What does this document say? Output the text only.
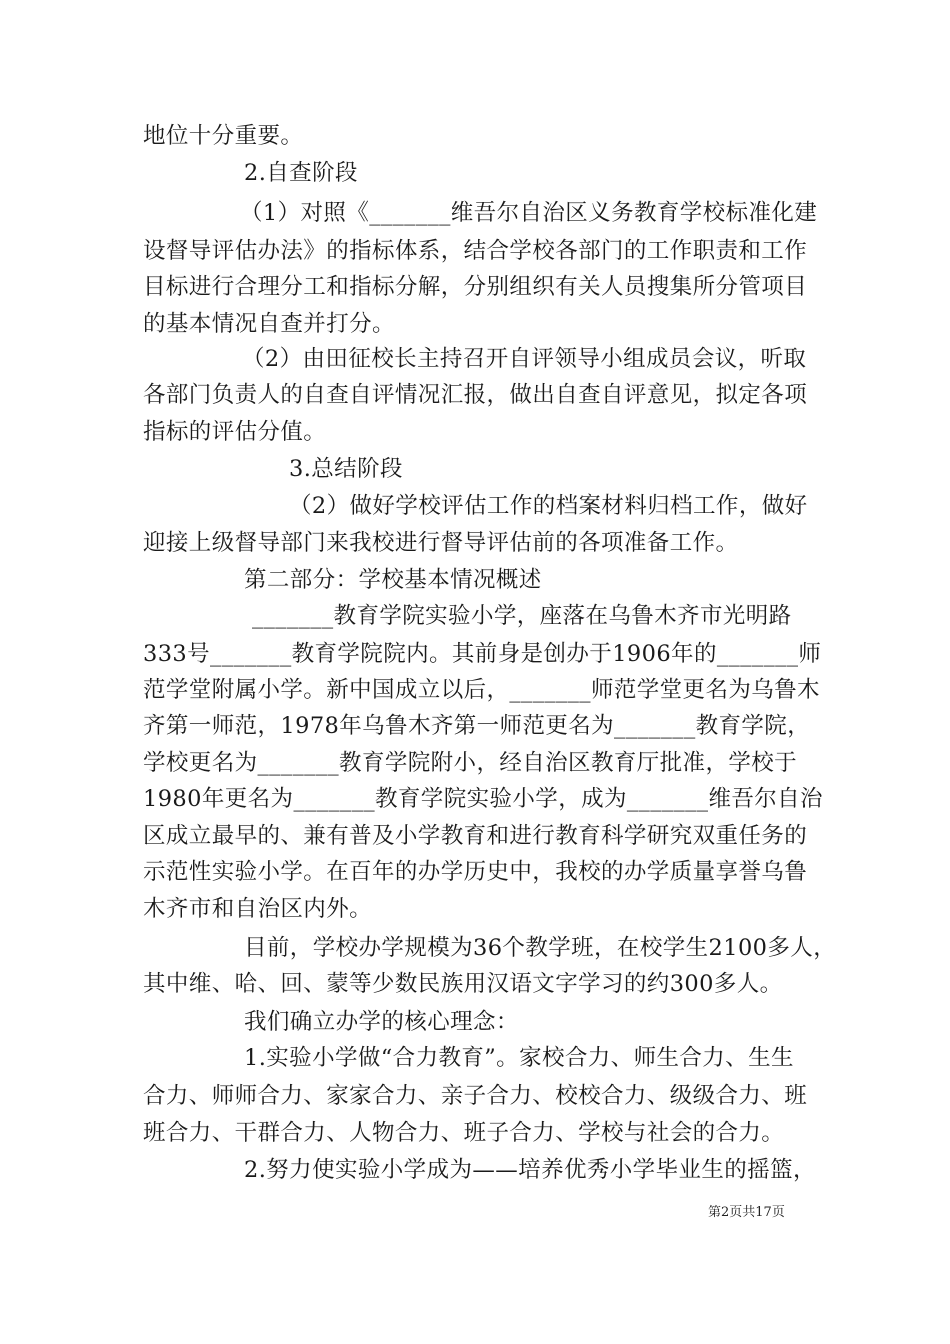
地位十分重要。
2.自查阶段
（1）对照《_______维吾尔自治区义务教育学校标准化建
设督导评估办法》的指标体系，结合学校各部门的工作职责和工作
目标进行合理分工和指标分解，分别组织有关人员搜集所分管项目
的基本情况自查并打分。
（2）由田征校长主持召开自评领导小组成员会议，听取
各部门负责人的自查自评情况汇报，做出自查自评意见，拟定各项
指标的评估分值。
3.总结阶段
（2）做好学校评估工作的档案材料归档工作，做好
迎接上级督导部门来我校进行督导评估前的各项准备工作。
第二部分：学校基本情况概述
_______教育学院实验小学，座落在乌鲁木齐市光明路
333号_______教育学院院内。其前身是创办于1906年的_______师
范学堂附属小学。新中国成立以后，_______师范学堂更名为乌鲁木
齐第一师范，1978年乌鲁木齐第一师范更名为_______教育学院，
学校更名为_______教育学院附小，经自治区教育厅批准，学校于
1980年更名为_______教育学院实验小学，成为_______维吾尔自治
区成立最早的、兼有普及小学教育和进行教育科学研究双重任务的
示范性实验小学。在百年的办学历史中，我校的办学质量享誉乌鲁
木齐市和自治区内外。
目前，学校办学规模为36个教学班，在校学生2100多人，
其中维、哈、回、蒙等少数民族用汉语文字学习的约300多人。
我们确立办学的核心理念：
1.实验小学做“合力教育”。家校合力、师生合力、生生
合力、师师合力、家家合力、亲子合力、校校合力、级级合力、班
班合力、干群合力、人物合力、班子合力、学校与社会的合力。
2.努力使实验小学成为——培养优秀小学毕业生的摇篮，
第2页共17页
